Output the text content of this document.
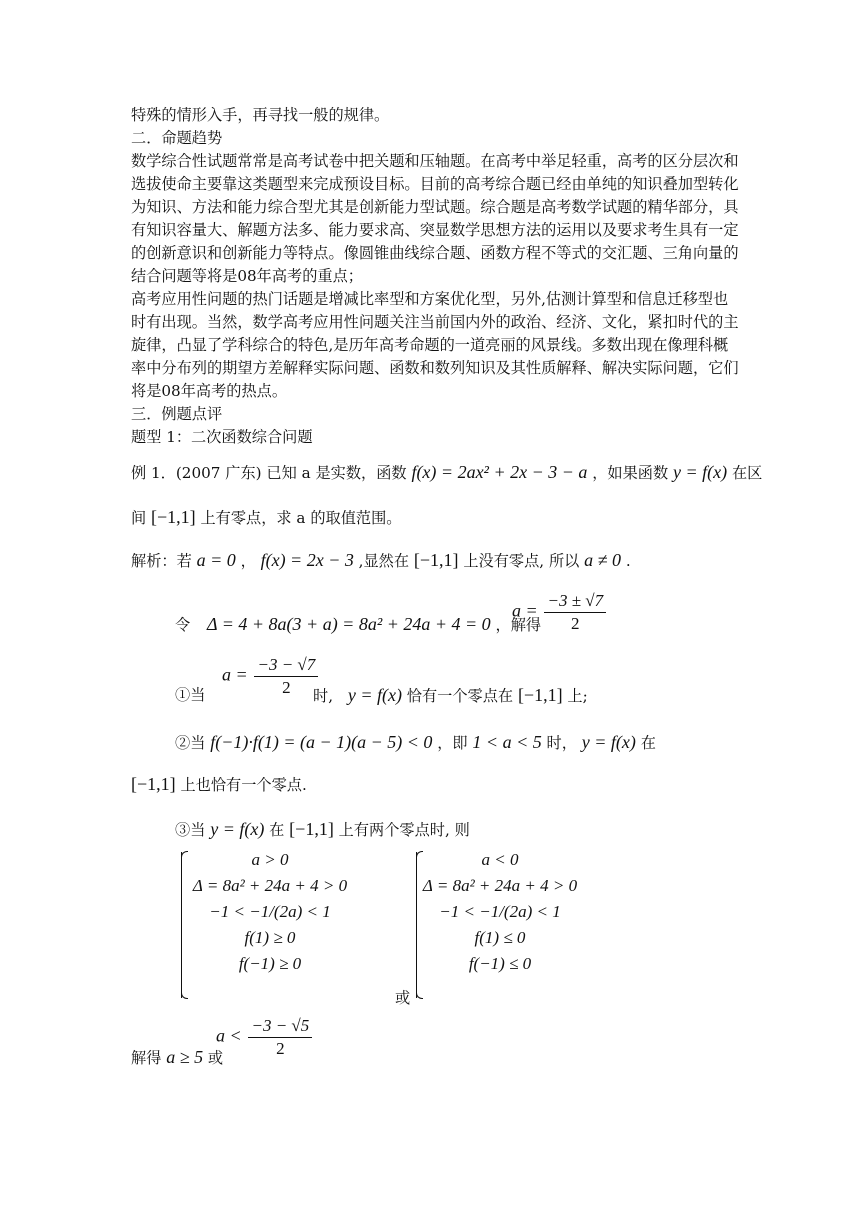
特殊的情形入手，再寻找一般的规律。
二．命题趋势
数学综合性试题常常是高考试卷中把关题和压轴题。在高考中举足轻重，高考的区分层次和
选拔使命主要靠这类题型来完成预设目标。目前的高考综合题已经由单纯的知识叠加型转化
为知识、方法和能力综合型尤其是创新能力型试题。综合题是高考数学试题的精华部分，具
有知识容量大、解题方法多、能力要求高、突显数学思想方法的运用以及要求考生具有一定
的创新意识和创新能力等特点。像圆锥曲线综合题、函数方程不等式的交汇题、三角向量的
结合问题等将是08年高考的重点；
高考应用性问题的热门话题是增减比率型和方案优化型，另外,估测计算型和信息迁移型也
时有出现。当然，数学高考应用性问题关注当前国内外的政治、经济、文化，紧扣时代的主
旋律，凸显了学科综合的特色,是历年高考命题的一道亮丽的风景线。多数出现在像理科概
率中分布列的期望方差解释实际问题、函数和数列知识及其性质解释、解决实际问题，它们
将是08年高考的热点。
三．例题点评
题型 1：二次函数综合问题
例 1．(2007 广东) 已知 a 是实数，函数 f(x) = 2ax² + 2x − 3 − a ，如果函数 y = f(x) 在区
间 [−1,1] 上有零点，求 a 的取值范围。
解析：若 a = 0 ， f(x) = 2x − 3 ,显然在 [−1,1] 上没有零点, 所以 a ≠ 0 .
令 Δ = 4 + 8a(3 + a) = 8a² + 24a + 4 = 0 ，解得
$a = \frac{-3 \pm √7}{2}$
①当
$a = \frac{-3 - √7}{2}$
时, y = f(x) 恰有一个零点在 [−1,1] 上;
②当 f(−1)·f(1) = (a − 1)(a − 5) < 0 ，即 1 < a < 5 时， y = f(x) 在
[−1,1] 上也恰有一个零点.
③当 y = f(x) 在 [−1,1] 上有两个零点时, 则
a > 0
Δ = 8a² + 24a + 4 > 0
−1 < −1/(2a) < 1
f(1) ≥ 0
f(−1) ≥ 0
或
a < 0
Δ = 8a² + 24a + 4 > 0
−1 < −1/(2a) < 1
f(1) ≤ 0
f(−1) ≤ 0
解得 a ≥ 5 或
$a < \frac{-3 - √5}{2}$
